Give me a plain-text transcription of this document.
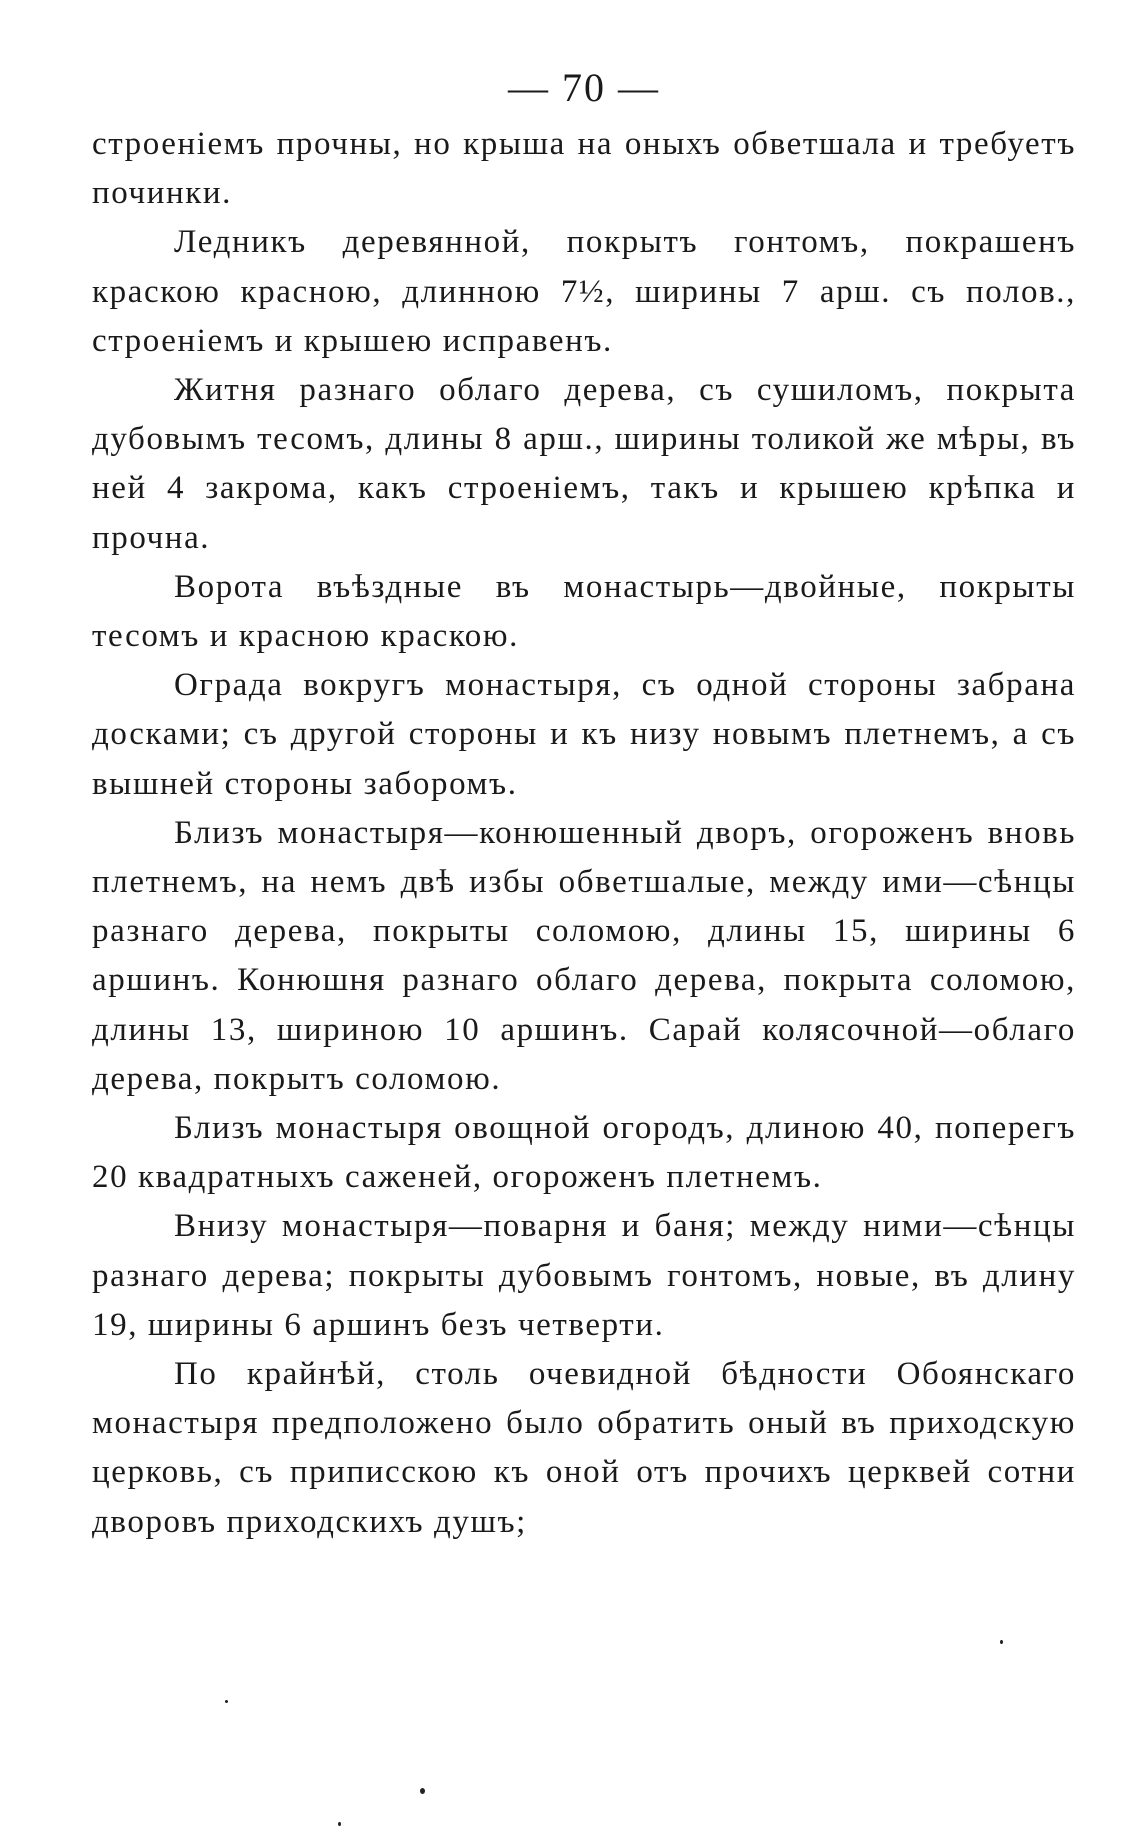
— 70 —

строеніемъ прочны, но крыша на оныхъ обветшала и требуетъ починки.

Ледникъ деревянной, покрытъ гонтомъ, покрашенъ краскою красною, длинною 7½, ширины 7 арш. съ полов., строеніемъ и крышею исправенъ.

Житня разнаго облаго дерева, съ сушиломъ, покрыта дубовымъ тесомъ, длины 8 арш., ширины толикой же мѣры, въ ней 4 закрома, какъ строеніемъ, такъ и крышею крѣпка и прочна.

Ворота въѣздные въ монастырь—двойные, покрыты тесомъ и красною краскою.

Ограда вокругъ монастыря, съ одной стороны забрана досками; съ другой стороны и къ низу новымъ плетнемъ, а съ вышней стороны заборомъ.

Близъ монастыря—конюшенный дворъ, огороженъ вновь плетнемъ, на немъ двѣ избы обветшалые, между ими—сѣнцы разнаго дерева, покрыты соломою, длины 15, ширины 6 аршинъ. Конюшня разнаго облаго дерева, покрыта соломою, длины 13, шириною 10 аршинъ. Сарай колясочной—облаго дерева, покрытъ соломою.

Близъ монастыря овощной огородъ, длиною 40, поперегъ 20 квадратныхъ саженей, огороженъ плетнемъ.

Внизу монастыря—поварня и баня; между ними—сѣнцы разнаго дерева; покрыты дубовымъ гонтомъ, новые, въ длину 19, ширины 6 аршинъ безъ четверти.

По крайнѣй, столь очевидной бѣдности Обоянскаго монастыря предположено было обратить оный въ приходскую церковь, съ приписскою къ оной отъ прочихъ церквей сотни дворовъ приходскихъ душъ;
